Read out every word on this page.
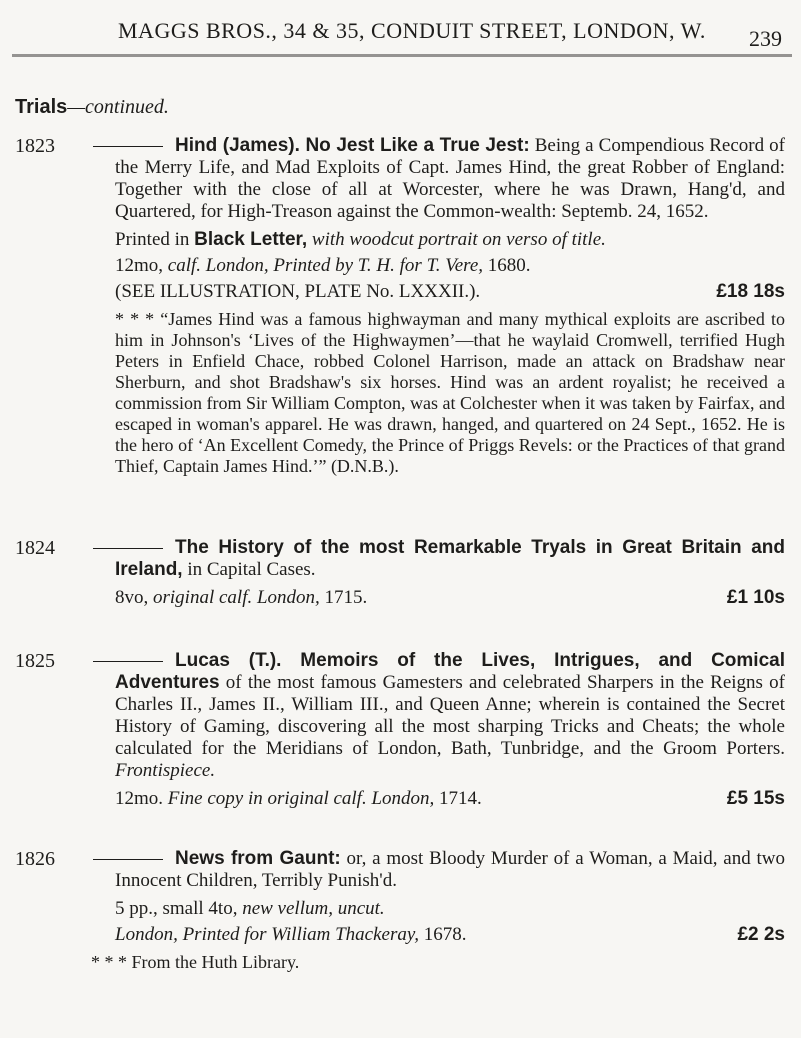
MAGGS BROS., 34 & 35, CONDUIT STREET, LONDON, W. 239
Trials—continued.
1823	Hind (James). No Jest Like a True Jest: Being a Compendious Record of the Merry Life, and Mad Exploits of Capt. James Hind, the great Robber of England: Together with the close of all at Worcester, where he was Drawn, Hang'd, and Quartered, for High-Treason against the Common-wealth: Septemb. 24, 1652.

Printed in Black Letter, with woodcut portrait on verso of title.

12mo, calf. London, Printed by T. H. for T. Vere, 1680.

(SEE ILLUSTRATION, PLATE No. LXXXII.).	£18 18s

* * * “James Hind was a famous highwayman and many mythical exploits are ascribed to him in Johnson's ‘Lives of the Highwaymen’—that he waylaid Cromwell, terrified Hugh Peters in Enfield Chace, robbed Colonel Harrison, made an attack on Bradshaw near Sherburn, and shot Bradshaw's six horses. Hind was an ardent royalist; he received a commission from Sir William Compton, was at Colchester when it was taken by Fairfax, and escaped in woman's apparel. He was drawn, hanged, and quartered on 24 Sept., 1652. He is the hero of ‘An Excellent Comedy, the Prince of Priggs Revels: or the Practices of that grand Thief, Captain James Hind.’” (D.N.B.).

1824	The History of the most Remarkable Tryals in Great Britain and Ireland, in Capital Cases.

8vo, original calf. London, 1715.	£1 10s

1825	Lucas (T.). Memoirs of the Lives, Intrigues, and Comical Adventures of the most famous Gamesters and celebrated Sharpers in the Reigns of Charles II., James II., William III., and Queen Anne; wherein is contained the Secret History of Gaming, discovering all the most sharping Tricks and Cheats; the whole calculated for the Meridians of London, Bath, Tunbridge, and the Groom Porters. Frontispiece.

12mo. Fine copy in original calf. London, 1714.	£5 15s

1826	News from Gaunt: or, a most Bloody Murder of a Woman, a Maid, and two Innocent Children, Terribly Punish'd.

5 pp., small 4to, new vellum, uncut.

London, Printed for William Thackeray, 1678.	£2 2s

* * * From the Huth Library.
